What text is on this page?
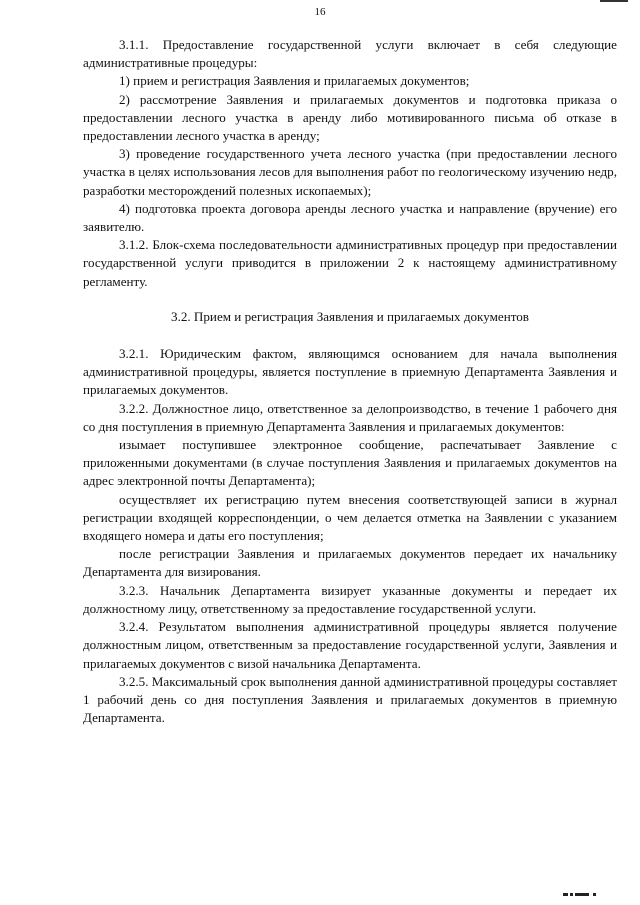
16

3.1.1. Предоставление государственной услуги включает в себя следующие административные процедуры:

1) прием и регистрация Заявления и прилагаемых документов;

2) рассмотрение Заявления и прилагаемых документов и подготовка приказа о предоставлении лесного участка в аренду либо мотивированного письма об отказе в предоставлении лесного участка в аренду;

3) проведение государственного учета лесного участка (при предоставлении лесного участка в целях использования лесов для выполнения работ по геологическому изучению недр, разработки месторождений полезных ископаемых);

4) подготовка проекта договора аренды лесного участка и направление (вручение) его заявителю.

3.1.2. Блок-схема последовательности административных процедур при предоставлении государственной услуги приводится в приложении 2 к настоящему административному регламенту.

3.2. Прием и регистрация Заявления и прилагаемых документов

3.2.1. Юридическим фактом, являющимся основанием для начала выполнения административной процедуры, является поступление в приемную Департамента Заявления и прилагаемых документов.

3.2.2. Должностное лицо, ответственное за делопроизводство, в течение 1 рабочего дня со дня поступления в приемную Департамента Заявления и прилагаемых документов:

изымает поступившее электронное сообщение, распечатывает Заявление с приложенными документами (в случае поступления Заявления и прилагаемых документов на адрес электронной почты Департамента);

осуществляет их регистрацию путем внесения соответствующей записи в журнал регистрации входящей корреспонденции, о чем делается отметка на Заявлении с указанием входящего номера и даты его поступления;

после регистрации Заявления и прилагаемых документов передает их начальнику Департамента для визирования.

3.2.3. Начальник Департамента визирует указанные документы и передает их должностному лицу, ответственному за предоставление государственной услуги.

3.2.4. Результатом выполнения административной процедуры является получение должностным лицом, ответственным за предоставление государственной услуги, Заявления и прилагаемых документов с визой начальника Департамента.

3.2.5. Максимальный срок выполнения данной административной процедуры составляет 1 рабочий день со дня поступления Заявления и прилагаемых документов в приемную Департамента.
